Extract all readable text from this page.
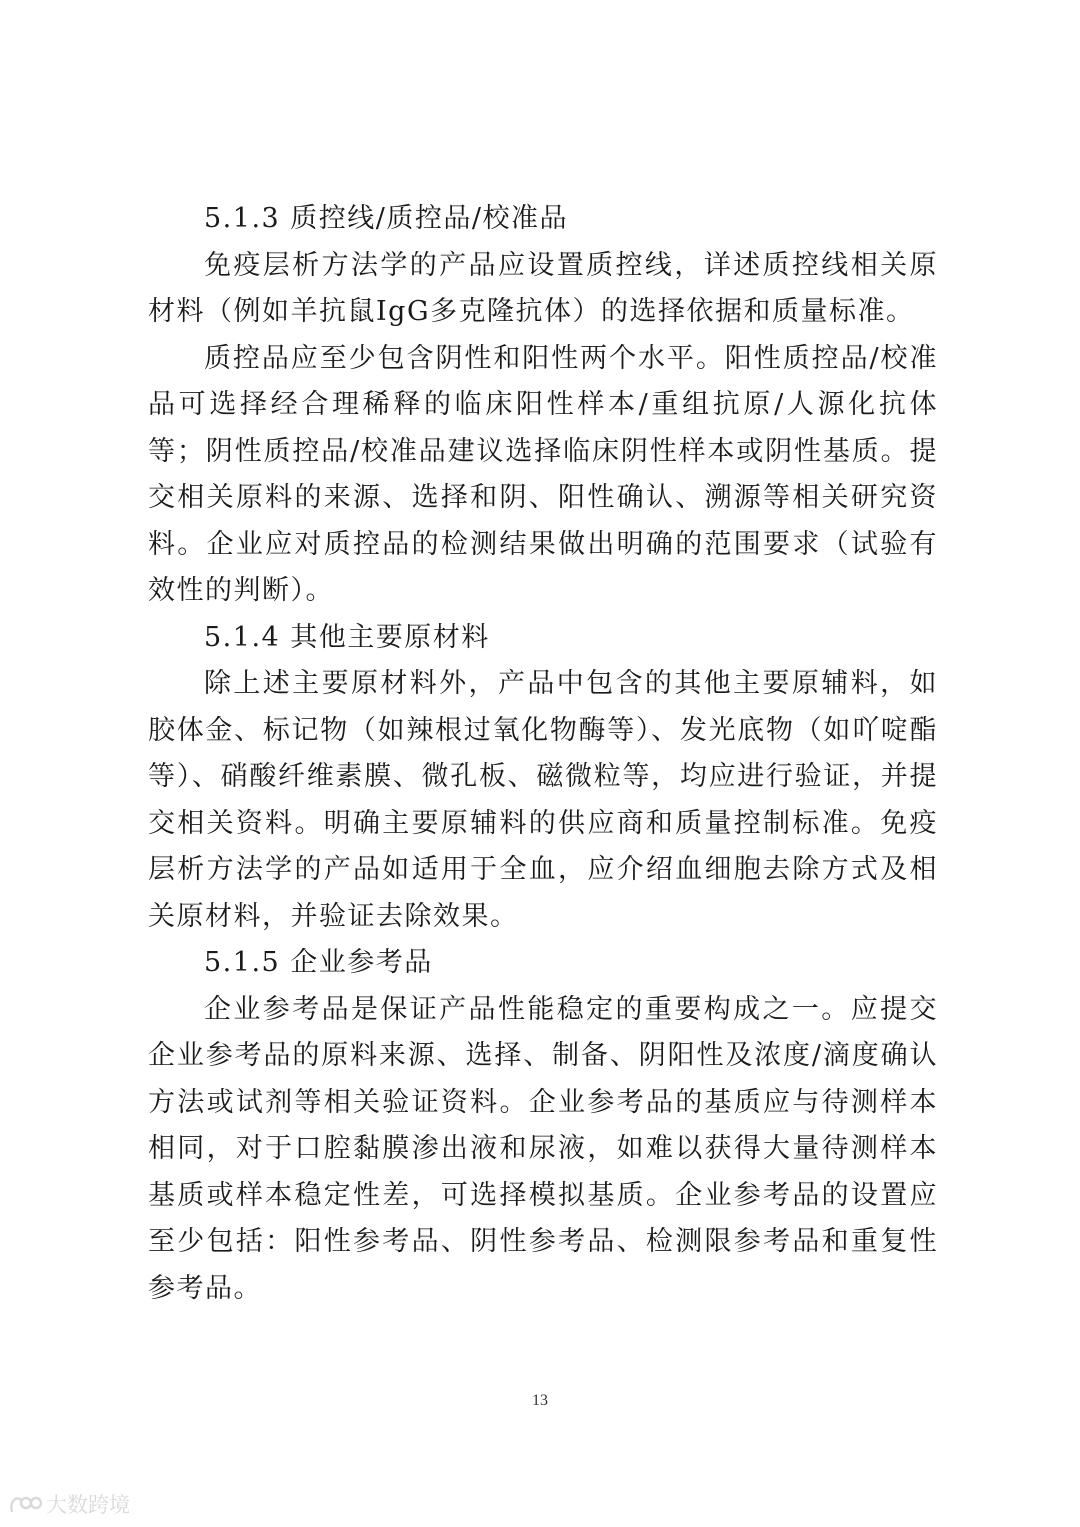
5.1.3 质控线/质控品/校准品

免疫层析方法学的产品应设置质控线，详述质控线相关原材料（例如羊抗鼠IgG多克隆抗体）的选择依据和质量标准。

质控品应至少包含阴性和阳性两个水平。阳性质控品/校准品可选择经合理稀释的临床阳性样本/重组抗原/人源化抗体等；阴性质控品/校准品建议选择临床阴性样本或阴性基质。提交相关原料的来源、选择和阴、阳性确认、溯源等相关研究资料。企业应对质控品的检测结果做出明确的范围要求（试验有效性的判断）。

5.1.4 其他主要原材料

除上述主要原材料外，产品中包含的其他主要原辅料，如胶体金、标记物（如辣根过氧化物酶等）、发光底物（如吖啶酯等）、硝酸纤维素膜、微孔板、磁微粒等，均应进行验证，并提交相关资料。明确主要原辅料的供应商和质量控制标准。免疫层析方法学的产品如适用于全血，应介绍血细胞去除方式及相关原材料，并验证去除效果。

5.1.5 企业参考品

企业参考品是保证产品性能稳定的重要构成之一。应提交企业参考品的原料来源、选择、制备、阴阳性及浓度/滴度确认方法或试剂等相关验证资料。企业参考品的基质应与待测样本相同，对于口腔黏膜渗出液和尿液，如难以获得大量待测样本基质或样本稳定性差，可选择模拟基质。企业参考品的设置应至少包括：阳性参考品、阴性参考品、检测限参考品和重复性参考品。

13
大数跨境
